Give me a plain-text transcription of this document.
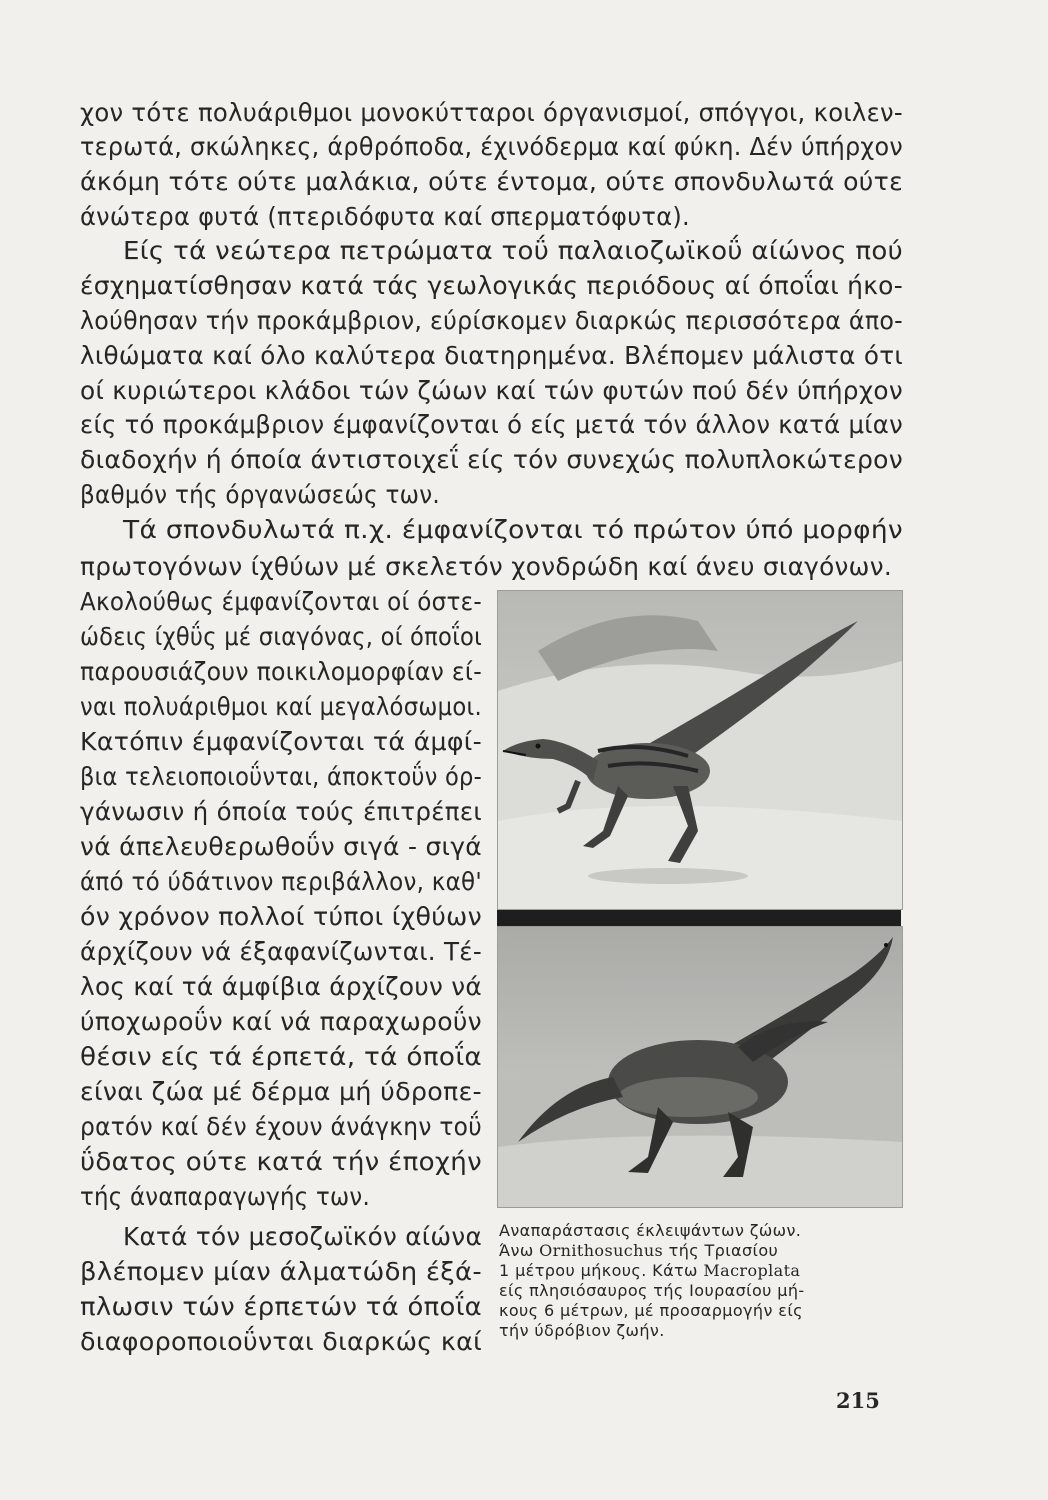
χον τότε πολυάριθμοι μονοκύτταροι όργανισμοί, σπόγγοι, κοιλεν-
τερωτά, σκώληκες, άρθρόποδα, έχινόδερμα καί φύκη. Δέν ύπήρχον
άκόμη τότε ούτε μαλάκια, ούτε έντομα, ούτε σπονδυλωτά ούτε
άνώτερα φυτά (πτεριδόφυτα καί σπερματόφυτα).
Είς τά νεώτερα πετρώματα τοΰ παλαιοζωϊκοΰ αίώνος πού
έσχηματίσθησαν κατά τάς γεωλογικάς περιόδους αί όποΐαι ήκο-
λούθησαν τήν προκάμβριον, εύρίσκομεν διαρκώς περισσότερα άπο-
λιθώματα καί όλο καλύτερα διατηρημένα. Βλέπομεν μάλιστα ότι
οί κυριώτεροι κλάδοι τών ζώων καί τών φυτών πού δέν ύπήρχον
είς τό προκάμβριον έμφανίζονται ό είς μετά τόν άλλον κατά μίαν
διαδοχήν ή όποία άντιστοιχεΐ είς τόν συνεχώς πολυπλοκώτερον
βαθμόν τής όργανώσεώς των.
Τά σπονδυλωτά π.χ. έμφανίζονται τό πρώτον ύπό μορφήν
πρωτογόνων ίχθύων μέ σκελετόν χονδρώδη καί άνευ σιαγόνων.
Ακολούθως έμφανίζονται οί όστε-
ώδεις ίχθΰς μέ σιαγόνας, οί όποΐοι
παρουσιάζουν ποικιλομορφίαν εί-
ναι πολυάριθμοι καί μεγαλόσωμοι.
Κατόπιν έμφανίζονται τά άμφί-
βια τελειοποιοΰνται, άποκτοΰν όρ-
γάνωσιν ή όποία τούς έπιτρέπει
νά άπελευθερωθοΰν σιγά - σιγά
άπό τό ύδάτινον περιβάλλον, καθ'
όν χρόνον πολλοί τύποι ίχθύων
άρχίζουν νά έξαφανίζωνται. Τέ-
λος καί τά άμφίβια άρχίζουν νά
ύποχωροΰν καί νά παραχωροΰν
θέσιν είς τά έρπετά, τά όποΐα
είναι ζώα μέ δέρμα μή ύδροπε-
ρατόν καί δέν έχουν άνάγκην τοΰ
ΰδατος ούτε κατά τήν έποχήν
τής άναπαραγωγής των.
Κατά τόν μεσοζωϊκόν αίώνα
βλέπομεν μίαν άλματώδη έξά-
πλωσιν τών έρπετών τά όποΐα
διαφοροποιοΰνται διαρκώς καί
Αναπαράστασις έκλειψάντων ζώων.
Άνω Ornithosuchus τής Τριασίου
1 μέτρου μήκους. Κάτω Macroplata
είς πλησιόσαυρος τής Ιουρασίου μή-
κους 6 μέτρων, μέ προσαρμογήν είς
τήν ύδρόβιον ζωήν.
215
